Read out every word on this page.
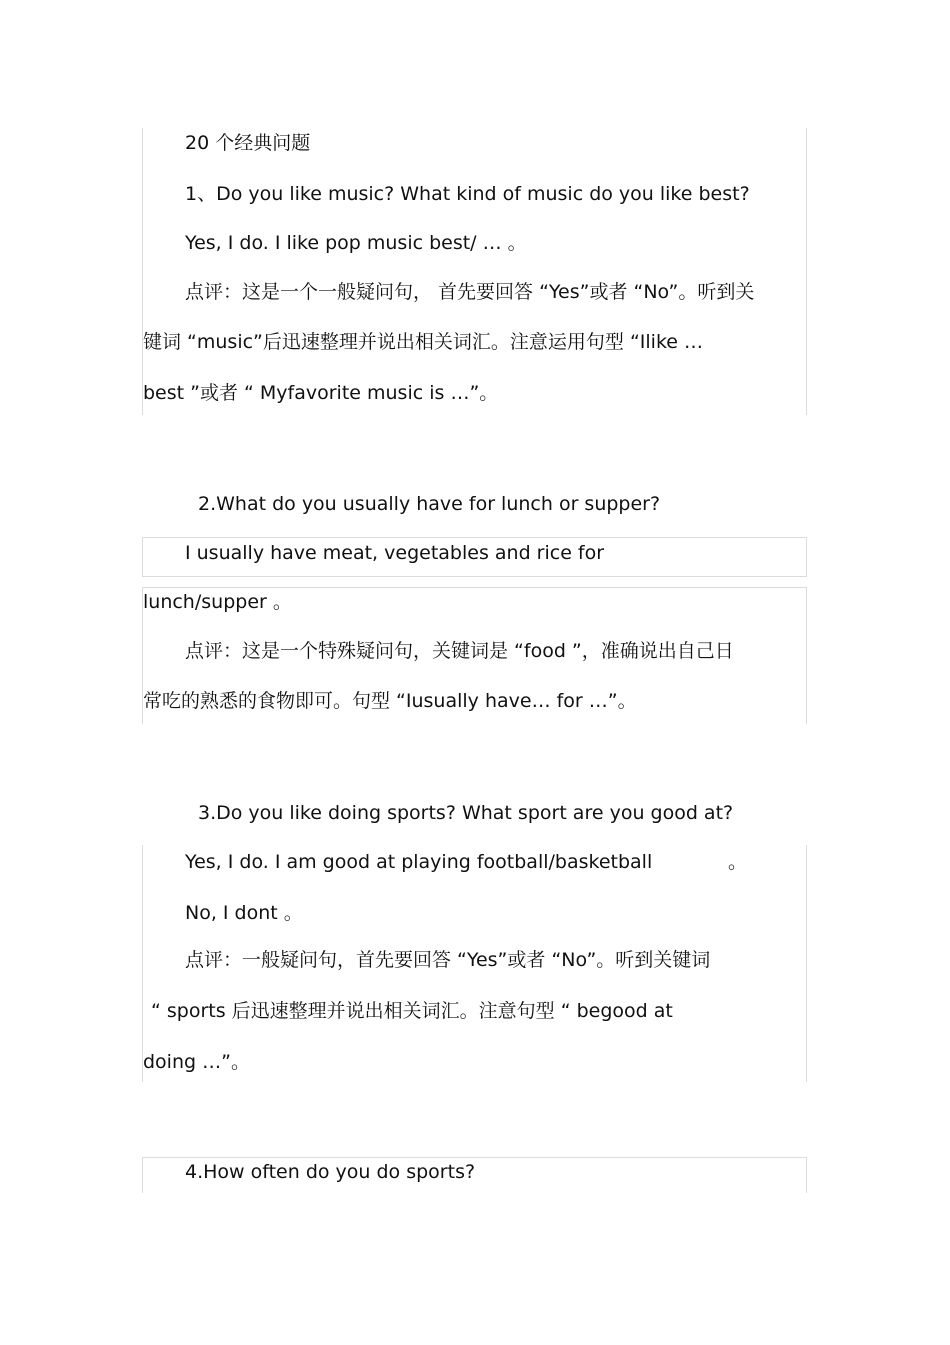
20 个经典问题
1、Do you like music? What kind of music do you like best?
Yes, I do. I like pop music best/ … 。
点评：这是一个一般疑问句， 首先要回答 “Yes”或者 “No”。听到关
键词 “music”后迅速整理并说出相关词汇。注意运用句型 “Ilike …
best ”或者 “ Myfavorite music is …”。
2.What do you usually have for lunch or supper?
I usually have meat, vegetables and rice for
lunch/supper 。
点评：这是一个特殊疑问句，关键词是 “food ”，准确说出自己日
常吃的熟悉的食物即可。句型 “Iusually have… for …”。
3.Do you like doing sports? What sport are you good at?
Yes, I do. I am good at playing football/basketball	。
No, I dont 。
点评：一般疑问句，首先要回答 “Yes”或者 “No”。听到关键词
“ sports 后迅速整理并说出相关词汇。注意句型 “ begood at
doing …”。
4.How often do you do sports?
